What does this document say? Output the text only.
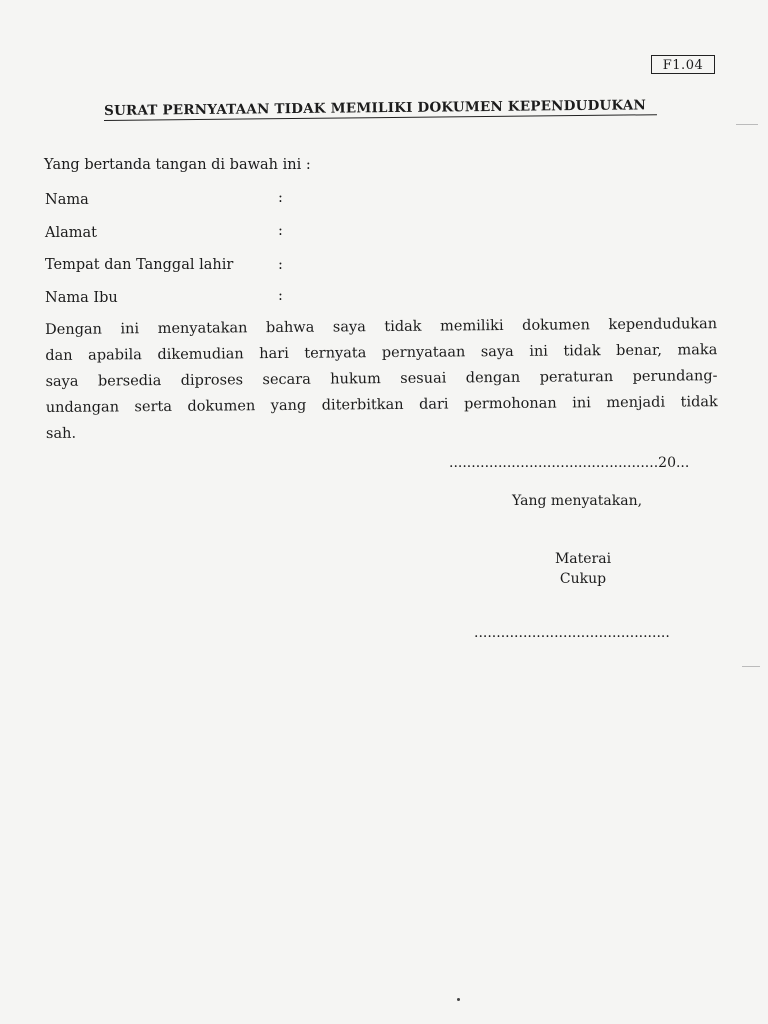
F1.04
SURAT PERNYATAAN TIDAK MEMILIKI DOKUMEN KEPENDUDUKAN
Yang bertanda tangan di bawah ini :
Nama	:
Alamat	:
Tempat dan Tanggal lahir	:
Nama Ibu	:
Dengan ini menyatakan bahwa saya tidak memiliki dokumen kependudukan
dan apabila dikemudian hari ternyata pernyataan saya ini tidak benar, maka
saya bersedia diproses secara hukum sesuai dengan peraturan perundang-
undangan serta dokumen yang diterbitkan dari permohonan ini menjadi tidak
sah.
...............................................20...
Yang menyatakan,
Materai
Cukup
............................................
